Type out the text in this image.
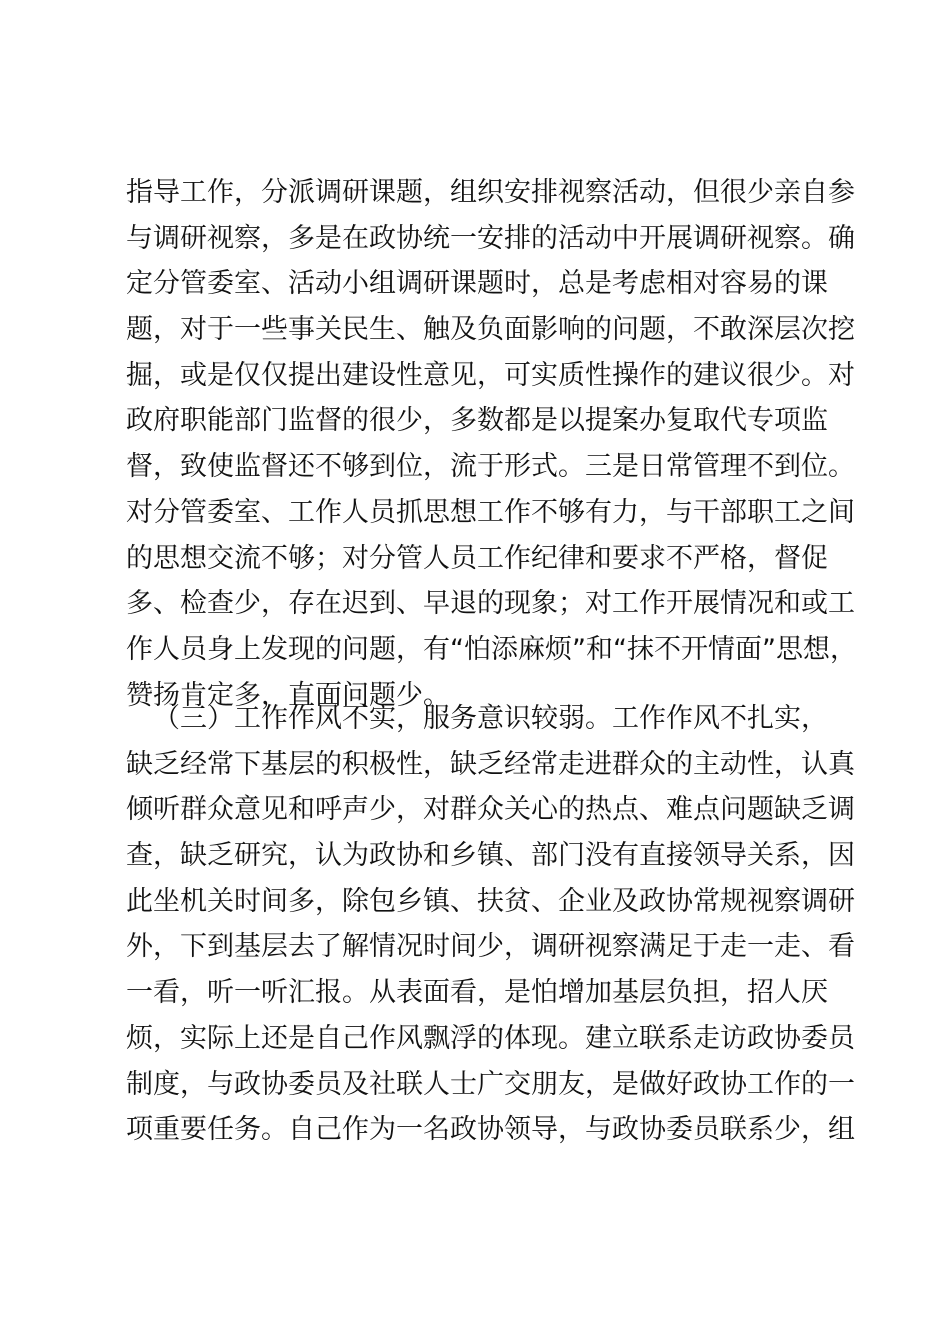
指导工作，分派调研课题，组织安排视察活动，但很少亲自参
与调研视察，多是在政协统一安排的活动中开展调研视察。确
定分管委室、活动小组调研课题时，总是考虑相对容易的课
题，对于一些事关民生、触及负面影响的问题，不敢深层次挖
掘，或是仅仅提出建设性意见，可实质性操作的建议很少。对
政府职能部门监督的很少，多数都是以提案办复取代专项监
督，致使监督还不够到位，流于形式。三是日常管理不到位。
对分管委室、工作人员抓思想工作不够有力，与干部职工之间
的思想交流不够；对分管人员工作纪律和要求不严格，督促
多、检查少，存在迟到、早退的现象；对工作开展情况和或工
作人员身上发现的问题，有“怕添麻烦”和“抹不开情面”思想，
赞扬肯定多，直面问题少。
（三）工作作风不实，服务意识较弱。工作作风不扎实，
缺乏经常下基层的积极性，缺乏经常走进群众的主动性，认真
倾听群众意见和呼声少，对群众关心的热点、难点问题缺乏调
查，缺乏研究，认为政协和乡镇、部门没有直接领导关系，因
此坐机关时间多，除包乡镇、扶贫、企业及政协常规视察调研
外，下到基层去了解情况时间少，调研视察满足于走一走、看
一看，听一听汇报。从表面看，是怕增加基层负担，招人厌
烦，实际上还是自己作风飘浮的体现。建立联系走访政协委员
制度，与政协委员及社联人士广交朋友，是做好政协工作的一
项重要任务。自己作为一名政协领导，与政协委员联系少，组
